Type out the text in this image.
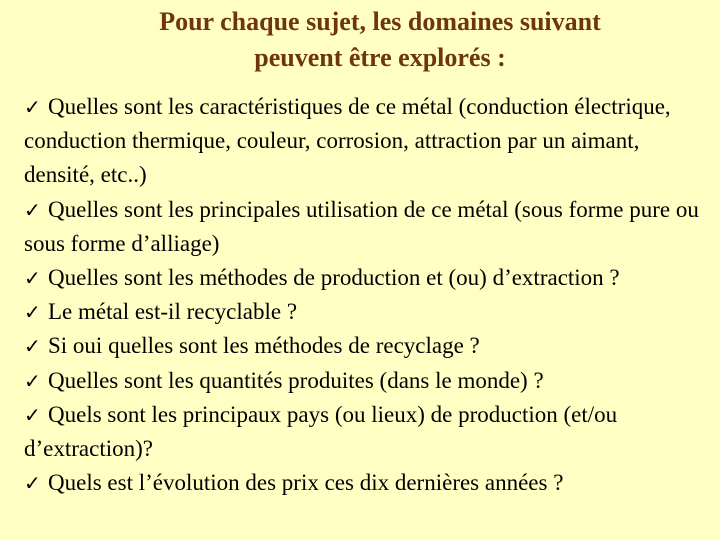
Pour chaque sujet, les domaines suivant
peuvent être explorés :
✓ Quelles sont les caractéristiques de ce métal (conduction électrique, conduction thermique, couleur, corrosion, attraction par un aimant, densité, etc..)
✓ Quelles sont les principales utilisation de ce métal (sous forme pure ou sous forme d’alliage)
✓ Quelles sont les méthodes de production et (ou) d’extraction ?
✓ Le métal est-il recyclable ?
✓ Si oui quelles sont les méthodes de recyclage ?
✓ Quelles sont les quantités produites (dans le monde) ?
✓ Quels sont les principaux pays (ou lieux) de production (et/ou d’extraction)?
✓ Quels est l’évolution des prix ces dix dernières années ?
